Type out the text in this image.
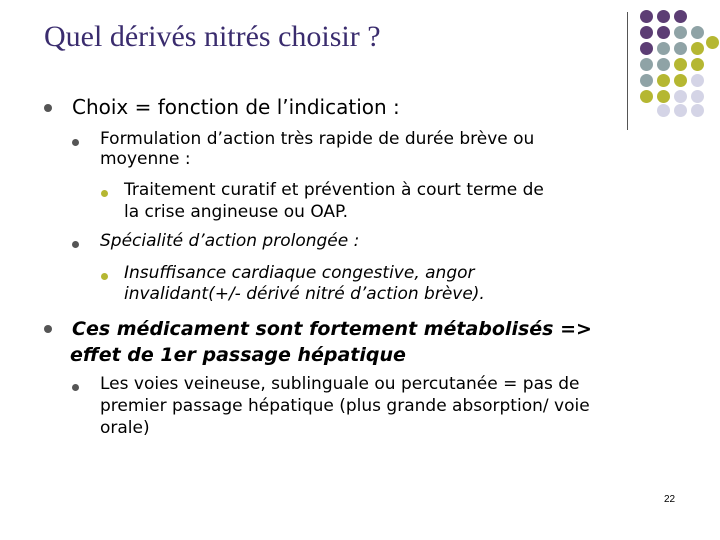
Quel dérivés nitrés choisir ?
Choix = fonction de l’indication :
Formulation d’action très rapide de durée brève ou
moyenne :
Traitement curatif et prévention à court terme de
la crise angineuse ou OAP.
Spécialité d’action prolongée :
Insuffisance cardiaque congestive, angor
invalidant(+/- dérivé nitré d’action brève).
Ces médicament sont fortement métabolisés =>
effet de 1er passage hépatique
Les voies veineuse, sublinguale ou percutanée = pas de
premier passage hépatique (plus grande absorption/ voie
orale)
22
